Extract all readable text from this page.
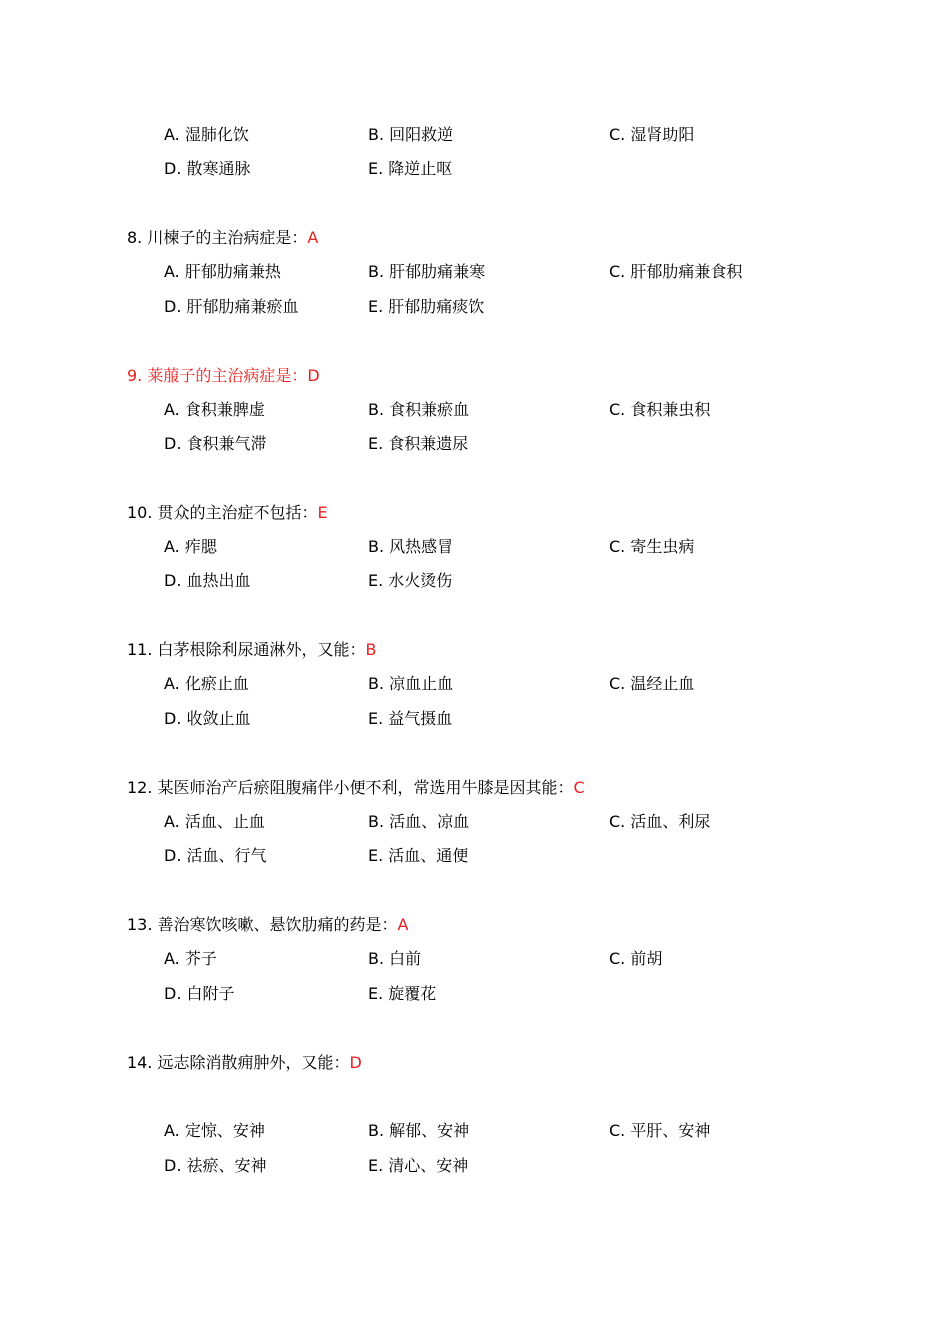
A. 湿肺化饮	B. 回阳救逆	C. 湿肾助阳
D. 散寒通脉	E. 降逆止呕
8. 川楝子的主治病症是：A
A. 肝郁肋痛兼热	B. 肝郁肋痛兼寒	C. 肝郁肋痛兼食积
D. 肝郁肋痛兼瘀血	E. 肝郁肋痛痰饮
9. 莱菔子的主治病症是：D
A. 食积兼脾虚	B. 食积兼瘀血	C. 食积兼虫积
D. 食积兼气滞	E. 食积兼遗尿
10. 贯众的主治症不包括：E
A. 痄腮	B. 风热感冒	C. 寄生虫病
D. 血热出血	E. 水火烫伤
11. 白茅根除利尿通淋外，又能：B
A. 化瘀止血	B. 凉血止血	C. 温经止血
D. 收敛止血	E. 益气摄血
12. 某医师治产后瘀阻腹痛伴小便不利，常选用牛膝是因其能：C
A. 活血、止血	B. 活血、凉血	C. 活血、利尿
D. 活血、行气	E. 活血、通便
13. 善治寒饮咳嗽、悬饮肋痛的药是：A
A. 芥子	B. 白前	C. 前胡
D. 白附子	E. 旋覆花
14. 远志除消散痈肿外，又能：D
A. 定惊、安神	B. 解郁、安神	C. 平肝、安神
D. 祛瘀、安神	E. 清心、安神
